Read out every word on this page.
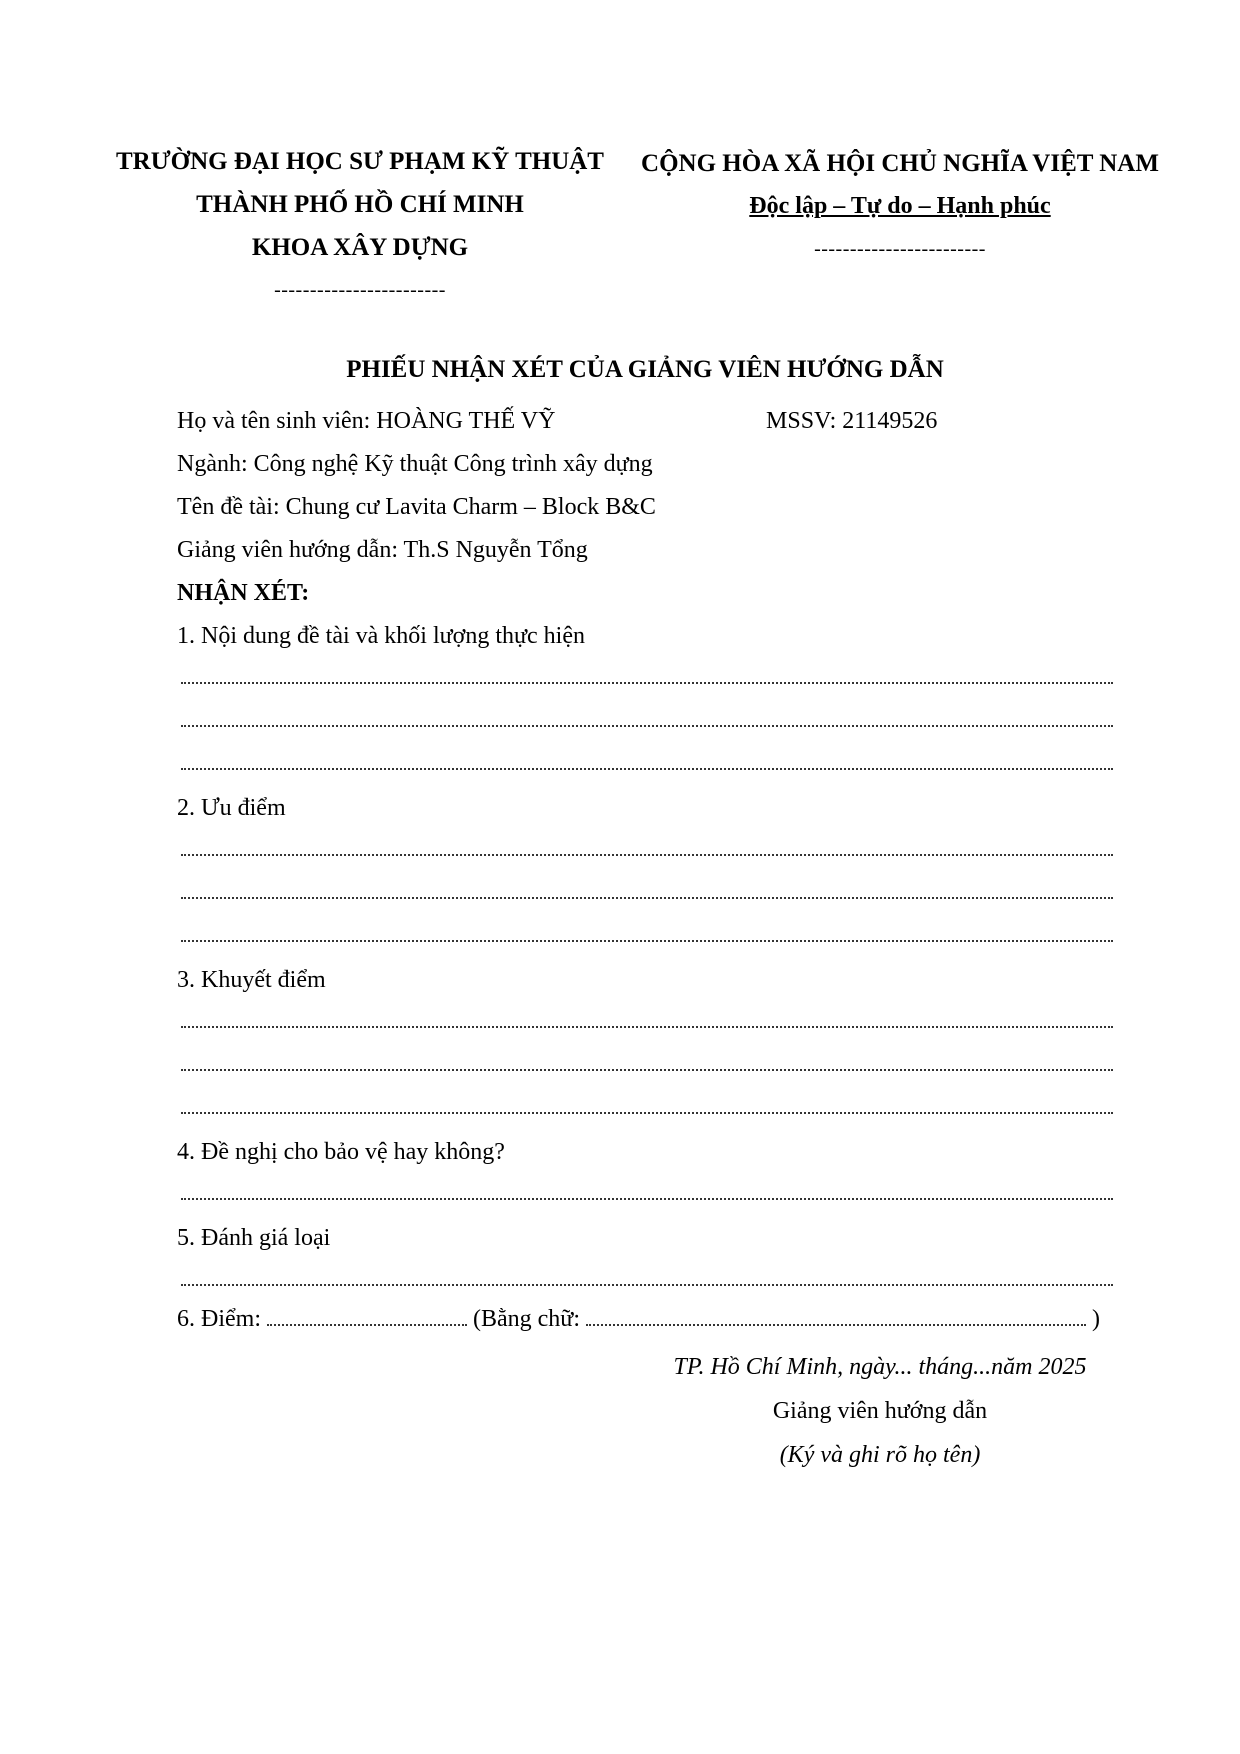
TRƯỜNG ĐẠI HỌC SƯ PHẠM KỸ THUẬT
THÀNH PHỐ HỒ CHÍ MINH
KHOA XÂY DỰNG
------------------------
CỘNG HÒA XÃ HỘI CHỦ NGHĨA VIỆT NAM
Độc lập – Tự do – Hạnh phúc
------------------------
PHIẾU NHẬN XÉT CỦA GIẢNG VIÊN HƯỚNG DẪN
Họ và tên sinh viên: HOÀNG THẾ VỸ	MSSV: 21149526
Ngành: Công nghệ Kỹ thuật Công trình xây dựng
Tên đề tài: Chung cư Lavita Charm – Block B&C
Giảng viên hướng dẫn: Th.S Nguyễn Tổng
NHẬN XÉT:
1. Nội dung đề tài và khối lượng thực hiện
2. Ưu điểm
3. Khuyết điểm
4. Đề nghị cho bảo vệ hay không?
5. Đánh giá loại
6. Điểm:	(Bằng chữ:	)
TP. Hồ Chí Minh, ngày... tháng...năm 2025
Giảng viên hướng dẫn
(Ký và ghi rõ họ tên)
